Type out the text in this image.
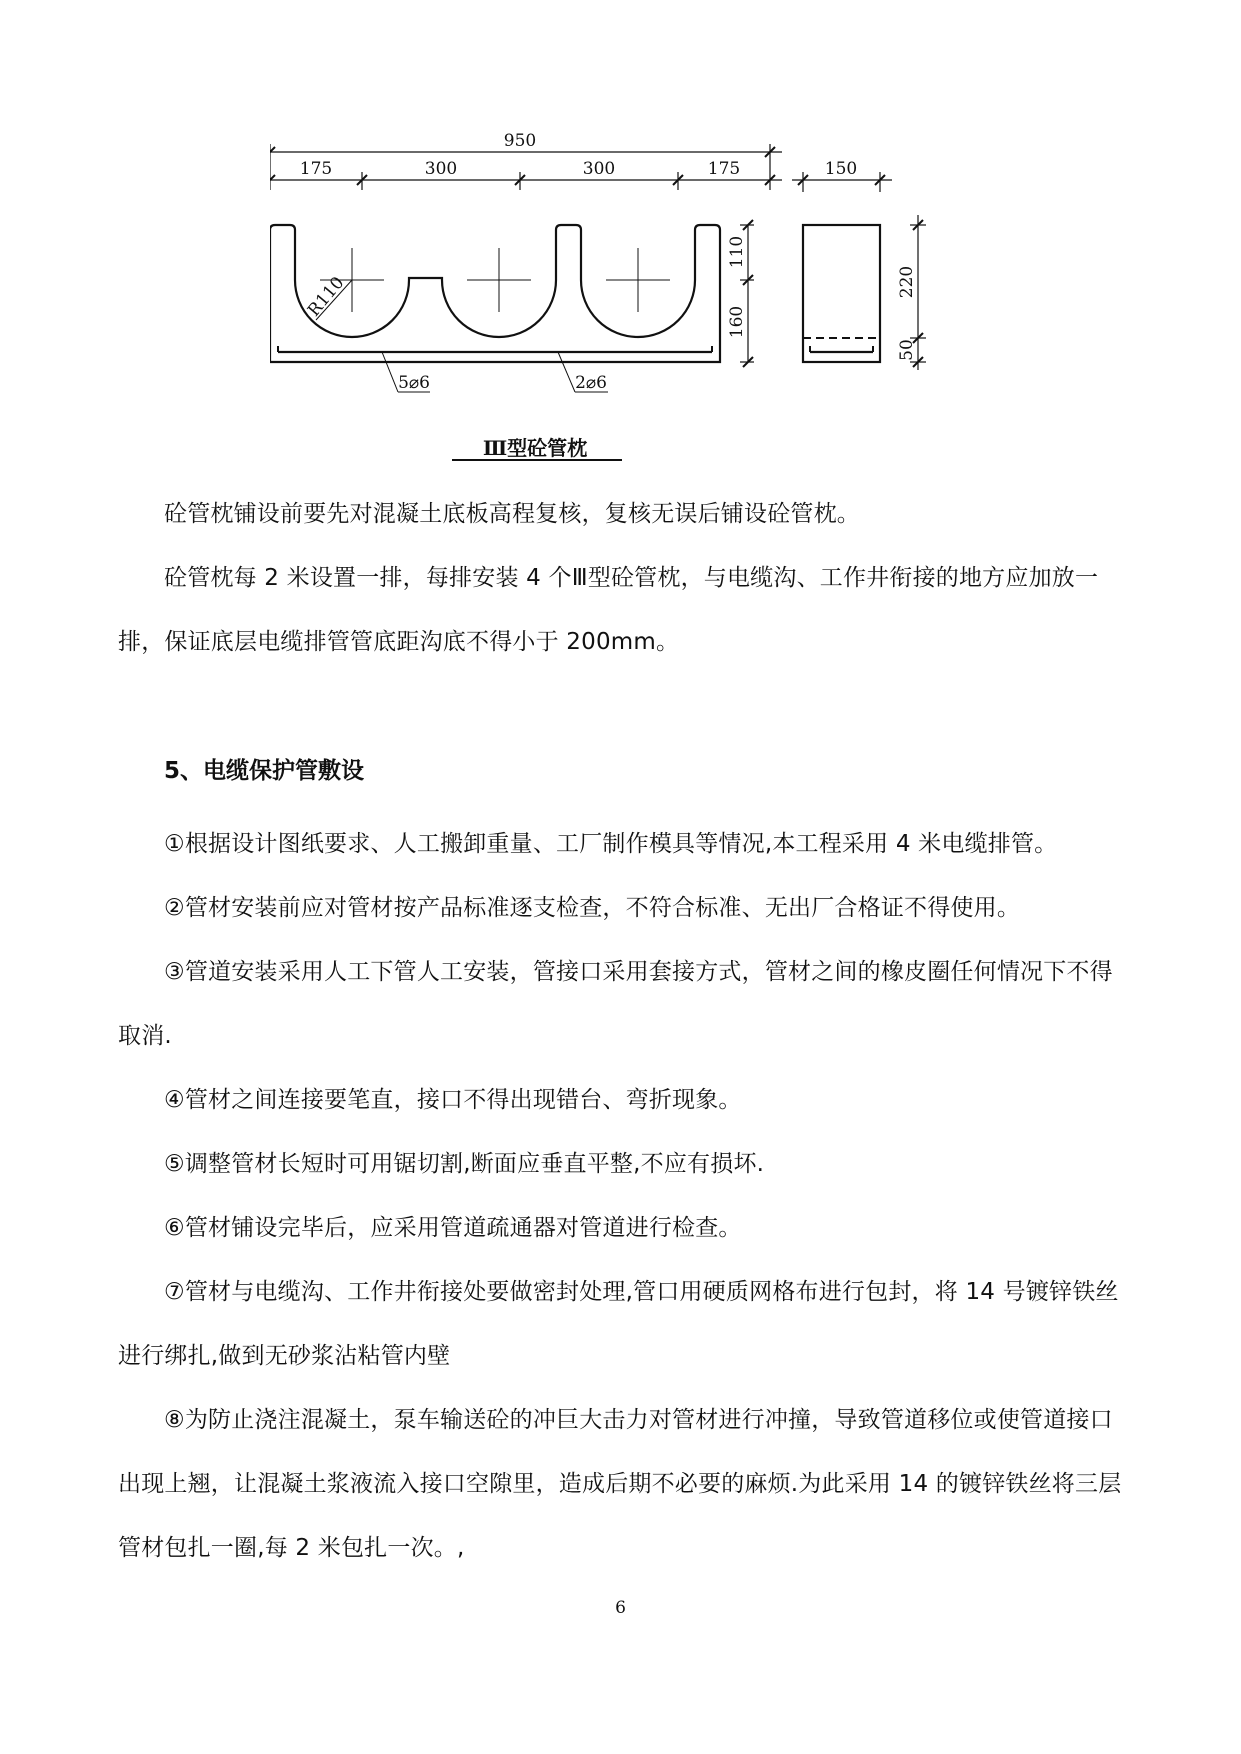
950
175	300	300	175	150
110
160
220
50
R110
5⌀6	2⌀6
Ⅲ型砼管枕
砼管枕铺设前要先对混凝土底板高程复核，复核无误后铺设砼管枕。
砼管枕每 2 米设置一排，每排安装 4 个Ⅲ型砼管枕，与电缆沟、工作井衔接的地方应加放一排，保证底层电缆排管管底距沟底不得小于 200mm。
5、电缆保护管敷设
①根据设计图纸要求、人工搬卸重量、工厂制作模具等情况,本工程采用 4 米电缆排管。
②管材安装前应对管材按产品标准逐支检查，不符合标准、无出厂合格证不得使用。
③管道安装采用人工下管人工安装，管接口采用套接方式，管材之间的橡皮圈任何情况下不得取消.
④管材之间连接要笔直，接口不得出现错台、弯折现象。
⑤调整管材长短时可用锯切割,断面应垂直平整,不应有损坏.
⑥管材铺设完毕后，应采用管道疏通器对管道进行检查。
⑦管材与电缆沟、工作井衔接处要做密封处理,管口用硬质网格布进行包封，将 14 号镀锌铁丝进行绑扎,做到无砂浆沾粘管内壁
⑧为防止浇注混凝土，泵车输送砼的冲巨大击力对管材进行冲撞，导致管道移位或使管道接口出现上翘，让混凝土浆液流入接口空隙里，造成后期不必要的麻烦.为此采用 14 的镀锌铁丝将三层管材包扎一圈,每 2 米包扎一次。,
6
